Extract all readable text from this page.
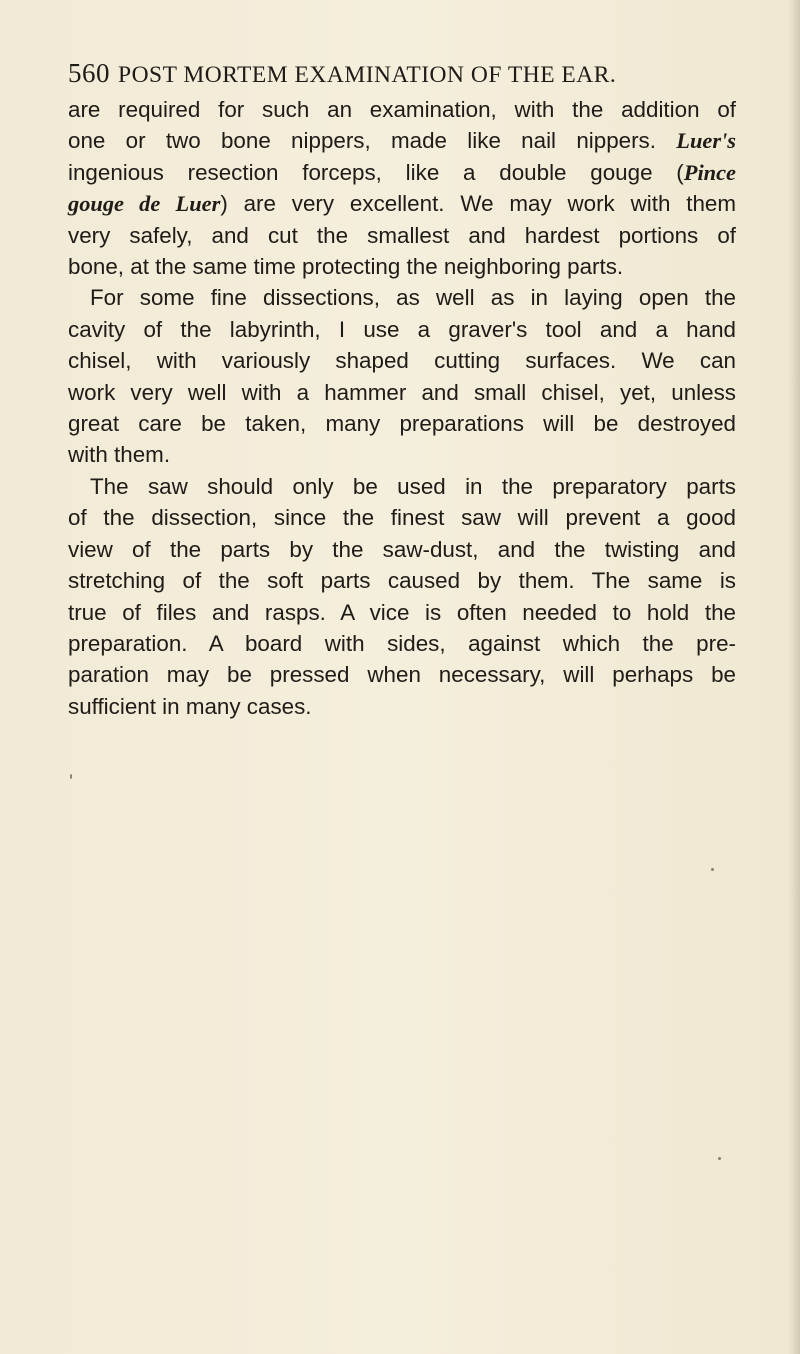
560 POST MORTEM EXAMINATION OF THE EAR.
are required for such an examination, with the addition of
one or two bone nippers, made like nail nippers. Luer's
ingenious resection forceps, like a double gouge (Pince
gouge de Luer) are very excellent. We may work with them
very safely, and cut the smallest and hardest portions of
bone, at the same time protecting the neighboring parts.
For some fine dissections, as well as in laying open the
cavity of the labyrinth, I use a graver's tool and a hand
chisel, with variously shaped cutting surfaces. We can
work very well with a hammer and small chisel, yet, unless
great care be taken, many preparations will be destroyed
with them.
The saw should only be used in the preparatory parts
of the dissection, since the finest saw will prevent a good
view of the parts by the saw-dust, and the twisting and
stretching of the soft parts caused by them. The same is
true of files and rasps. A vice is often needed to hold the
preparation. A board with sides, against which the pre-
paration may be pressed when necessary, will perhaps be
sufficient in many cases.
